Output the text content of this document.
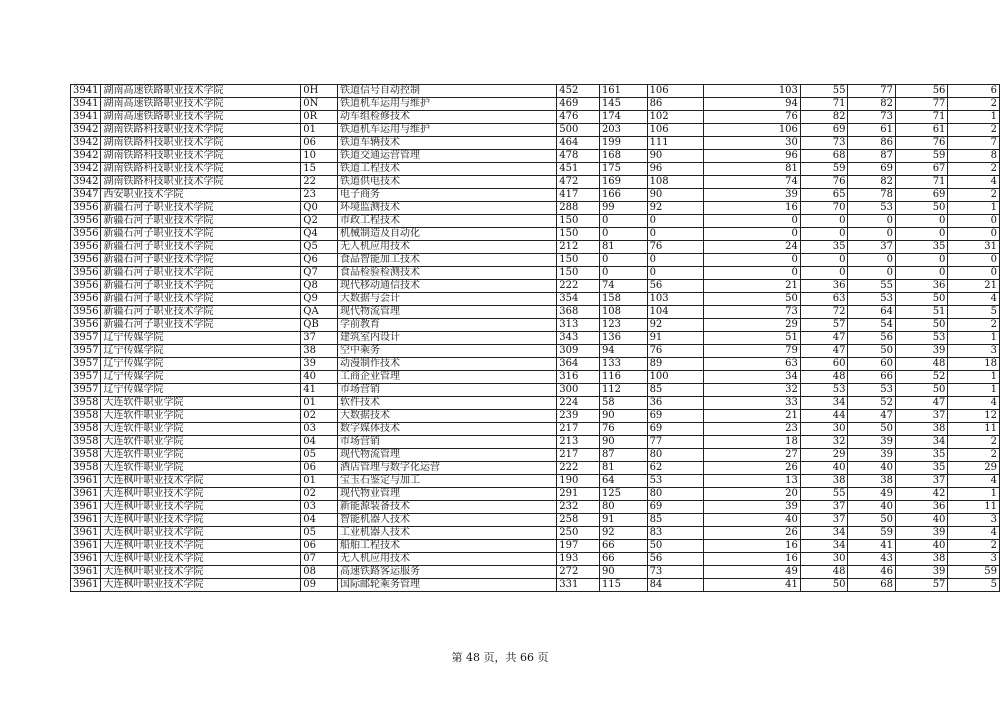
3941	湖南高速铁路职业技术学院	0H	铁道信号自动控制	452	161	106	103	55	77	56	6
3941	湖南高速铁路职业技术学院	0N	铁道机车运用与维护	469	145	86	94	71	82	77	2
3941	湖南高速铁路职业技术学院	0R	动车组检修技术	476	174	102	76	82	73	71	1
3942	湖南铁路科技职业技术学院	01	铁道机车运用与维护	500	203	106	106	69	61	61	2
3942	湖南铁路科技职业技术学院	06	铁道车辆技术	464	199	111	30	73	86	76	7
3942	湖南铁路科技职业技术学院	10	铁道交通运营管理	478	168	90	96	68	87	59	8
3942	湖南铁路科技职业技术学院	15	铁道工程技术	451	175	96	81	59	69	67	2
3942	湖南铁路科技职业技术学院	22	铁道供电技术	472	169	108	74	76	82	71	4
3947	西安职业技术学院	23	电子商务	417	166	90	39	65	78	69	2
3956	新疆石河子职业技术学院	Q0	环境监测技术	288	99	92	16	70	53	50	1
3956	新疆石河子职业技术学院	Q2	市政工程技术	150	0	0	0	0	0	0	0
3956	新疆石河子职业技术学院	Q4	机械制造及自动化	150	0	0	0	0	0	0	0
3956	新疆石河子职业技术学院	Q5	无人机应用技术	212	81	76	24	35	37	35	31
3956	新疆石河子职业技术学院	Q6	食品智能加工技术	150	0	0	0	0	0	0	0
3956	新疆石河子职业技术学院	Q7	食品检验检测技术	150	0	0	0	0	0	0	0
3956	新疆石河子职业技术学院	Q8	现代移动通信技术	222	74	56	21	36	55	36	21
3956	新疆石河子职业技术学院	Q9	大数据与会计	354	158	103	50	63	53	50	4
3956	新疆石河子职业技术学院	QA	现代物流管理	368	108	104	73	72	64	51	5
3956	新疆石河子职业技术学院	QB	学前教育	313	123	92	29	57	54	50	2
3957	辽宁传媒学院	37	建筑室内设计	343	136	91	51	47	56	53	1
3957	辽宁传媒学院	38	空中乘务	309	94	76	79	47	50	39	3
3957	辽宁传媒学院	39	动漫制作技术	364	133	89	63	60	60	48	18
3957	辽宁传媒学院	40	工商企业管理	316	116	100	34	48	66	52	1
3957	辽宁传媒学院	41	市场营销	300	112	85	32	53	53	50	1
3958	大连软件职业学院	01	软件技术	224	58	36	33	34	52	47	4
3958	大连软件职业学院	02	大数据技术	239	90	69	21	44	47	37	12
3958	大连软件职业学院	03	数字媒体技术	217	76	69	23	30	50	38	11
3958	大连软件职业学院	04	市场营销	213	90	77	18	32	39	34	2
3958	大连软件职业学院	05	现代物流管理	217	87	80	27	29	39	35	2
3958	大连软件职业学院	06	酒店管理与数字化运营	222	81	62	26	40	40	35	29
3961	大连枫叶职业技术学院	01	宝玉石鉴定与加工	190	64	53	13	38	38	37	4
3961	大连枫叶职业技术学院	02	现代物业管理	291	125	80	20	55	49	42	1
3961	大连枫叶职业技术学院	03	新能源装备技术	232	80	69	39	37	40	36	11
3961	大连枫叶职业技术学院	04	智能机器人技术	258	91	85	40	37	50	40	3
3961	大连枫叶职业技术学院	05	工业机器人技术	250	92	83	26	34	59	39	4
3961	大连枫叶职业技术学院	06	船舶工程技术	197	66	50	16	34	41	40	2
3961	大连枫叶职业技术学院	07	无人机应用技术	193	66	56	16	30	43	38	3
3961	大连枫叶职业技术学院	08	高速铁路客运服务	272	90	73	49	48	46	39	59
3961	大连枫叶职业技术学院	09	国际邮轮乘务管理	331	115	84	41	50	68	57	5
第 48 页，共 66 页
